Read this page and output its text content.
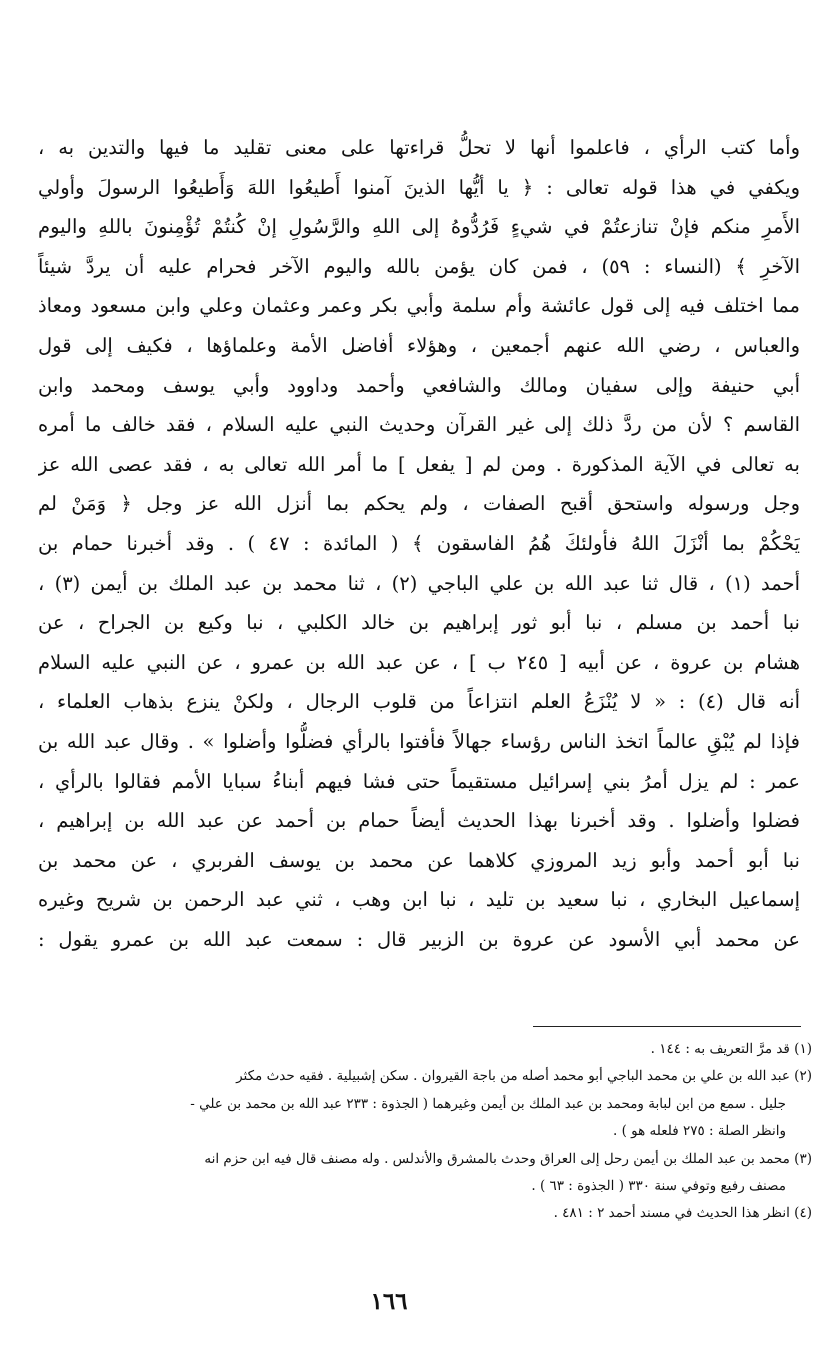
وأما كتب الرأي ، فاعلموا أنها لا تحلُّ قراءتها على معنى تقليد ما فيها والتدين به ،
ويكفي في هذا قوله تعالى : ﴿ يا أيُّها الذينَ آمنوا أَطيعُوا اللهَ وَأَطيعُوا الرسولَ وأولي
الأَمرِ منكم فإنْ تنازعتُمْ في شيءٍ فَرُدُّوهُ إلى اللهِ والرَّسُولِ إنْ كُنتُمْ تُؤْمِنونَ باللهِ واليوم
الآخرِ ﴾ (النساء : ٥٩) ، فمن كان يؤمن بالله واليوم الآخر فحرام عليه أن يردَّ شيئاً
مما اختلف فيه إلى قول عائشة وأم سلمة وأبي بكر وعمر وعثمان وعلي وابن مسعود ومعاذ
والعباس ، رضي الله عنهم أجمعين ، وهؤلاء أفاضل الأمة وعلماؤها ، فكيف إلى قول
أبي حنيفة وإلى سفيان ومالك والشافعي وأحمد وداوود وأبي يوسف ومحمد وابن
القاسم ؟ لأن من ردَّ ذلك إلى غير القرآن وحديث النبي عليه السلام ، فقد خالف ما أمره
به تعالى في الآية المذكورة . ومن لم [ يفعل ] ما أمر الله تعالى به ، فقد عصى الله عز
وجل ورسوله واستحق أقبح الصفات ، ولم يحكم بما أنزل الله عز وجل ﴿ وَمَنْ لم
يَحْكُمْ بما أنْزَلَ اللهُ فأولئكَ هُمُ الفاسقون ﴾ ( المائدة : ٤٧ ) . وقد أخبرنا حمام بن
أحمد (١) ، قال ثنا عبد الله بن علي الباجي (٢) ، ثنا محمد بن عبد الملك بن أيمن (٣) ،
نبا أحمد بن مسلم ، نبا أبو ثور إبراهيم بن خالد الكلبي ، نبا وكيع بن الجراح ، عن
هشام بن عروة ، عن أبيه [ ٢٤٥ ب ] ، عن عبد الله بن عمرو ، عن النبي عليه السلام
أنه قال (٤) : « لا يُنْزَعُ العلم انتزاعاً من قلوب الرجال ، ولكنْ ينزع بذهاب العلماء ،
فإذا لم يُبْقِ عالماً اتخذ الناس رؤساء جهالاً فأفتوا بالرأي فضلُّوا وأضلوا » . وقال عبد الله بن
عمر : لم يزل أمرُ بني إسرائيل مستقيماً حتى فشا فيهم أبناءُ سبايا الأمم فقالوا بالرأي ،
فضلوا وأضلوا . وقد أخبرنا بهذا الحديث أيضاً حمام بن أحمد عن عبد الله بن إبراهيم ،
نبا أبو أحمد وأبو زيد المروزي كلاهما عن محمد بن يوسف الفربري ، عن محمد بن
إسماعيل البخاري ، نبا سعيد بن تليد ، نبا ابن وهب ، ثني عبد الرحمن بن شريح وغيره
عن محمد أبي الأسود عن عروة بن الزبير قال : سمعت عبد الله بن عمرو يقول :
(١) قد مرَّ التعريف به : ١٤٤ .
(٢) عبد الله بن علي بن محمد الباجي أبو محمد أصله من باجة القيروان . سكن إشبيلية . فقيه حدث مكثر
جليل . سمع من ابن لبابة ومحمد بن عبد الملك بن أيمن وغيرهما ( الجذوة : ٢٣٣ عبد الله بن محمد بن علي -
وانظر الصلة : ٢٧٥ فلعله هو ) .
(٣) محمد بن عبد الملك بن أيمن رحل إلى العراق وحدث بالمشرق والأندلس . وله مصنف قال فيه ابن حزم انه
مصنف رفيع وتوفي سنة ٣٣٠ ( الجذوة : ٦٣ ) .
(٤) انظر هذا الحديث في مسند أحمد ٢ : ٤٨١ .
١٦٦
